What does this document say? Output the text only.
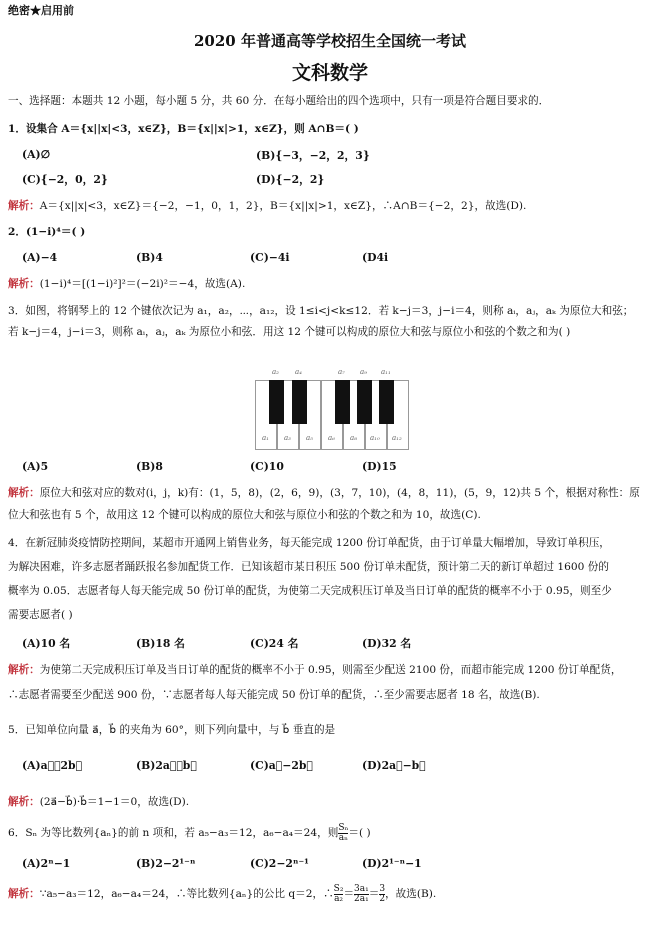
绝密★启用前
2020 年普通高等学校招生全国统一考试
文科数学
一、选择题：本题共 12 小题，每小题 5 分，共 60 分．在每小题给出的四个选项中，只有一项是符合题目要求的．
1．设集合 A＝{x||x|<3，x∈Z}，B＝{x||x|>1，x∈Z}，则 A∩B＝( )
(A)∅	(B){−3，−2，2，3}
(C){−2，0，2}	(D){−2，2}
解析：A＝{x||x|<3，x∈Z}＝{−2，−1，0，1，2}，B＝{x||x|>1，x∈Z}，∴A∩B＝{−2，2}，故选(D).
2．(1−i)⁴＝( )
(A)−4	(B)4	(C)−4i	(D4i
解析：(1−i)⁴＝[(1−i)²]²＝(−2i)²＝−4，故选(A).
3．如图，将钢琴上的 12 个键依次记为 a₁，a₂，⋯，a₁₂，设 1≤i<j<k≤12．若 k−j＝3，j−i＝4，则称 aᵢ，aⱼ，aₖ 为原位大和弦；
若 k−j＝4，j−i＝3，则称 aᵢ，aⱼ，aₖ 为原位小和弦．用这 12 个键可以构成的原位大和弦与原位小和弦的个数之和为( )
a₁ a₃ a₅ a₆ a₈ a₁₀ a₁₂
a₂ a₄	a₇ a₉ a₁₁
(A)5	(B)8	(C)10	(D)15
解析：原位大和弦对应的数对(i，j，k)有：(1，5，8)，(2，6，9)，(3，7，10)，(4，8，11)，(5，9，12)共 5 个，根据对称性：原
位大和弦也有 5 个，故用这 12 个键可以构成的原位大和弦与原位小和弦的个数之和为 10，故选(C).
4．在新冠肺炎疫情防控期间，某超市开通网上销售业务，每天能完成 1200 份订单配货，由于订单量大幅增加，导致订单积压，
为解决困难，许多志愿者踊跃报名参加配货工作．已知该超市某日积压 500 份订单未配货，预计第二天的新订单超过 1600 份的
概率为 0.05．志愿者每人每天能完成 50 份订单的配货，为使第二天完成积压订单及当日订单的配货的概率不小于 0.95，则至少
需要志愿者( )
(A)10 名	(B)18 名	(C)24 名	(D)32 名
解析：为使第二天完成积压订单及当日订单的配货的概率不小于 0.95，则需至少配送 2100 份，而超市能完成 1200 份订单配货，
∴志愿者需要至少配送 900 份，∵志愿者每人每天能完成 50 份订单的配货，∴至少需要志愿者 18 名，故选(B).
5．已知单位向量 a⃗，b⃗ 的夹角为 60°，则下列向量中，与 b⃗ 垂直的是
(A)a⃗＋2b⃗	(B)2a⃗＋b⃗	(C)a⃗−2b⃗	(D)2a⃗−b⃗
解析：(2a⃗−b⃗)·b⃗＝1−1＝0，故选(D).
6．Sₙ 为等比数列{aₙ}的前 n 项和，若 a₅−a₃＝12，a₆−a₄＝24，则 $\frac{\text{Sₙ}}{\text{aₙ}}$ ＝( )
(A)2ⁿ−1	(B)2−2¹⁻ⁿ	(C)2−2ⁿ⁻¹	(D)2¹⁻ⁿ−1
解析：∵a₅−a₃＝12，a₆−a₄＝24，∴等比数列{aₙ}的公比 q＝2，∴ $\frac{\text{S₂}}{\text{a₂}} = \frac{\text{3a₁}}{\text{2a₁}} = \frac{3}{2}$ ，故选(B).
